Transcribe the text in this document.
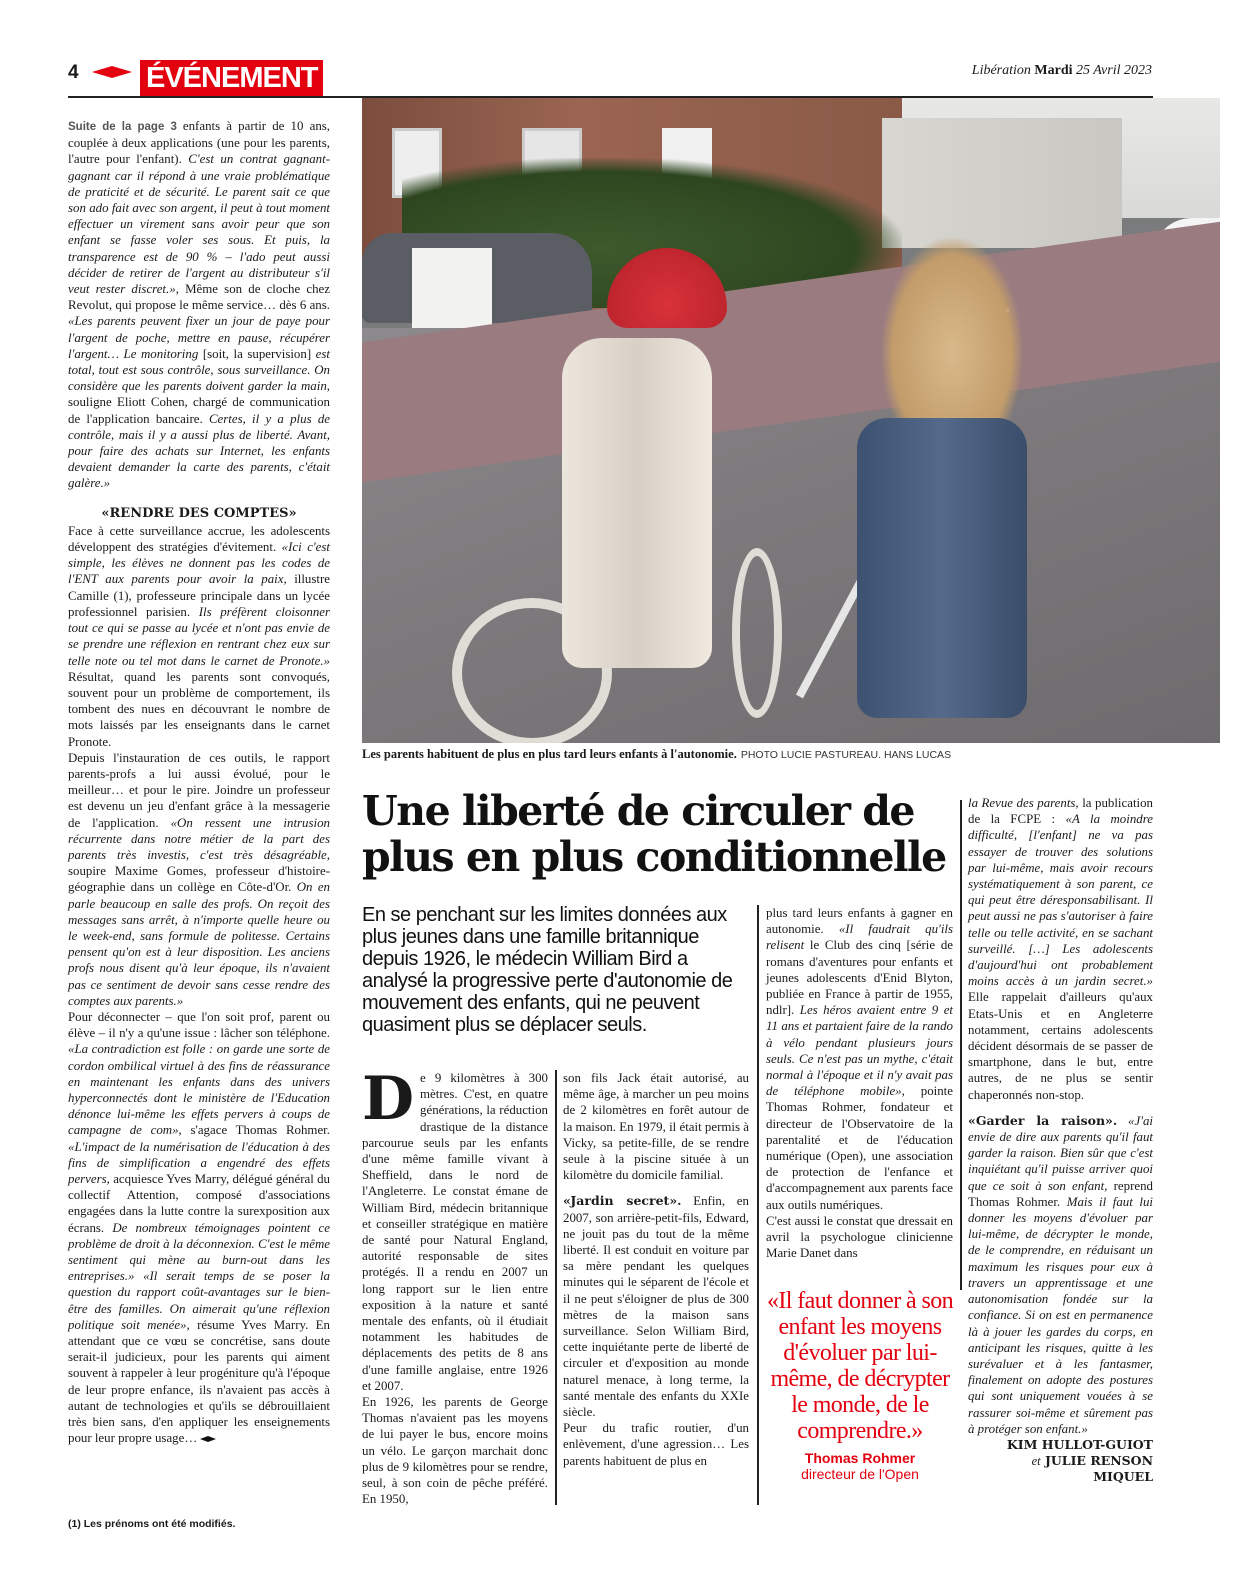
4 ÉVÉNEMENT	Libération Mardi 25 Avril 2023
Les parents habituent de plus en plus tard leurs enfants à l'autonomie. PHOTO LUCIE PASTUREAU. HANS LUCAS

Suite de la page 3 enfants à partir de 10 ans, couplée à deux applications (une pour les parents, l'autre pour l'enfant). C'est un contrat gagnant-gagnant car il répond à une vraie problématique de praticité et de sécurité. Le parent sait ce que son ado fait avec son argent, il peut à tout moment effectuer un virement sans avoir peur que son enfant se fasse voler ses sous. Et puis, la transparence est de 90 % – l'ado peut aussi décider de retirer de l'argent au distributeur s'il veut rester discret.», Même son de cloche chez Revolut, qui propose le même service… dès 6 ans. «Les parents peuvent fixer un jour de paye pour l'argent de poche, mettre en pause, récupérer l'argent… Le monitoring [soit, la supervision] est total, tout est sous contrôle, sous surveillance. On considère que les parents doivent garder la main, souligne Eliott Cohen, chargé de communication de l'application bancaire. Certes, il y a plus de contrôle, mais il y a aussi plus de liberté. Avant, pour faire des achats sur Internet, les enfants devaient demander la carte des parents, c'était galère.»

«RENDRE DES COMPTES»

Face à cette surveillance accrue, les adolescents développent des stratégies d'évitement. «Ici c'est simple, les élèves ne donnent pas les codes de l'ENT aux parents pour avoir la paix, illustre Camille (1), professeure principale dans un lycée professionnel parisien. Ils préfèrent cloisonner tout ce qui se passe au lycée et n'ont pas envie de se prendre une réflexion en rentrant chez eux sur telle note ou tel mot dans le carnet de Pronote.» Résultat, quand les parents sont convoqués, souvent pour un problème de comportement, ils tombent des nues en découvrant le nombre de mots laissés par les enseignants dans le carnet Pronote.

Depuis l'instauration de ces outils, le rapport parents-profs a lui aussi évolué, pour le meilleur… et pour le pire. Joindre un professeur est devenu un jeu d'enfant grâce à la messagerie de l'application. «On ressent une intrusion récurrente dans notre métier de la part des parents très investis, c'est très désagréable, soupire Maxime Gomes, professeur d'histoire-géographie dans un collège en Côte-d'Or. On en parle beaucoup en salle des profs. On reçoit des messages sans arrêt, à n'importe quelle heure ou le week-end, sans formule de politesse. Certains pensent qu'on est à leur disposition. Les anciens profs nous disent qu'à leur époque, ils n'avaient pas ce sentiment de devoir sans cesse rendre des comptes aux parents.»

Pour déconnecter – que l'on soit prof, parent ou élève – il n'y a qu'une issue : lâcher son téléphone. «La contradiction est folle : on garde une sorte de cordon ombilical virtuel à des fins de réassurance en maintenant les enfants dans des univers hyperconnectés dont le ministère de l'Education dénonce lui-même les effets pervers à coups de campagne de com», s'agace Thomas Rohmer. «L'impact de la numérisation de l'éducation à des fins de simplification a engendré des effets pervers, acquiesce Yves Marry, délégué général du collectif Attention, composé d'associations engagées dans la lutte contre la surexposition aux écrans. De nombreux témoignages pointent ce problème de droit à la déconnexion. C'est le même sentiment qui mène au burn-out dans les entreprises.» «Il serait temps de se poser la question du rapport coût-avantages sur le bien-être des familles. On aimerait qu'une réflexion politique soit menée», résume Yves Marry. En attendant que ce vœu se concrétise, sans doute serait-il judicieux, pour les parents qui aiment souvent à rappeler à leur progéniture qu'à l'époque de leur propre enfance, ils n'avaient pas accès à autant de technologies et qu'ils se débrouillaient très bien sans, d'en appliquer les enseignements pour leur propre usage…

(1) Les prénoms ont été modifiés.
Une liberté de circuler de plus en plus conditionnelle
En se penchant sur les limites données aux plus jeunes dans une famille britannique depuis 1926, le médecin William Bird a analysé la progressive perte d'autonomie de mouvement des enfants, qui ne peuvent quasiment plus se déplacer seuls.
D e 9 kilomètres à 300 mètres. C'est, en quatre générations, la réduction drastique de la distance parcourue seuls par les enfants d'une même famille vivant à Sheffield, dans le nord de l'Angleterre. Le constat émane de William Bird, médecin britannique et conseiller stratégique en matière de santé pour Natural England, autorité responsable de sites protégés. Il a rendu en 2007 un long rapport sur le lien entre exposition à la nature et santé mentale des enfants, où il étudiait notamment les habitudes de déplacements des petits de 8 ans d'une famille anglaise, entre 1926 et 2007.

En 1926, les parents de George Thomas n'avaient pas les moyens de lui payer le bus, encore moins un vélo. Le garçon marchait donc plus de 9 kilomètres pour se rendre, seul, à son coin de pêche préféré. En 1950,

son fils Jack était autorisé, au même âge, à marcher un peu moins de 2 kilomètres en forêt autour de la maison. En 1979, il était permis à Vicky, sa petite-fille, de se rendre seule à la piscine située à un kilomètre du domicile familial.

«Jardin secret». Enfin, en 2007, son arrière-petit-fils, Edward, ne jouit pas du tout de la même liberté. Il est conduit en voiture par sa mère pendant les quelques minutes qui le séparent de l'école et il ne peut s'éloigner de plus de 300 mètres de la maison sans surveillance. Selon William Bird, cette inquiétante perte de liberté de circuler et d'exposition au monde naturel menace, à long terme, la santé mentale des enfants du XXIe siècle.

Peur du trafic routier, d'un enlèvement, d'une agression… Les parents habituent de plus en

plus tard leurs enfants à gagner en autonomie. «Il faudrait qu'ils relisent le Club des cinq [série de romans d'aventures pour enfants et jeunes adolescents d'Enid Blyton, publiée en France à partir de 1955, ndlr]. Les héros avaient entre 9 et 11 ans et partaient faire de la rando à vélo pendant plusieurs jours seuls. Ce n'est pas un mythe, c'était normal à l'époque et il n'y avait pas de téléphone mobile», pointe Thomas Rohmer, fondateur et directeur de l'Observatoire de la parentalité et de l'éducation numérique (Open), une association de protection de l'enfance et d'accompagnement aux parents face aux outils numériques.

C'est aussi le constat que dressait en avril la psychologue clinicienne Marie Danet dans

«Il faut donner à son enfant les moyens d'évoluer par lui-même, de décrypter le monde, de le comprendre.»
Thomas Rohmer
directeur de l'Open

la Revue des parents, la publication de la FCPE : «A la moindre difficulté, [l'enfant] ne va pas essayer de trouver des solutions par lui-même, mais avoir recours systématiquement à son parent, ce qui peut être déresponsabilisant. Il peut aussi ne pas s'autoriser à faire telle ou telle activité, en se sachant surveillé. […] Les adolescents d'aujourd'hui ont probablement moins accès à un jardin secret.» Elle rappelait d'ailleurs qu'aux Etats-Unis et en Angleterre notamment, certains adolescents décident désormais de se passer de smartphone, dans le but, entre autres, de ne plus se sentir chaperonnés non-stop.

«Garder la raison». «J'ai envie de dire aux parents qu'il faut garder la raison. Bien sûr que c'est inquiétant qu'il puisse arriver quoi que ce soit à son enfant, reprend Thomas Rohmer. Mais il faut lui donner les moyens d'évoluer par lui-même, de décrypter le monde, de le comprendre, en réduisant un maximum les risques pour eux à travers un apprentissage et une autonomisation fondée sur la confiance. Si on est en permanence là à jouer les gardes du corps, en anticipant les risques, quitte à les surévaluer et à les fantasmer, finalement on adopte des postures qui sont uniquement vouées à se rassurer soi-même et sûrement pas à protéger son enfant.»

KIM HULLOT-GUIOT
et JULIE RENSON MIQUEL
